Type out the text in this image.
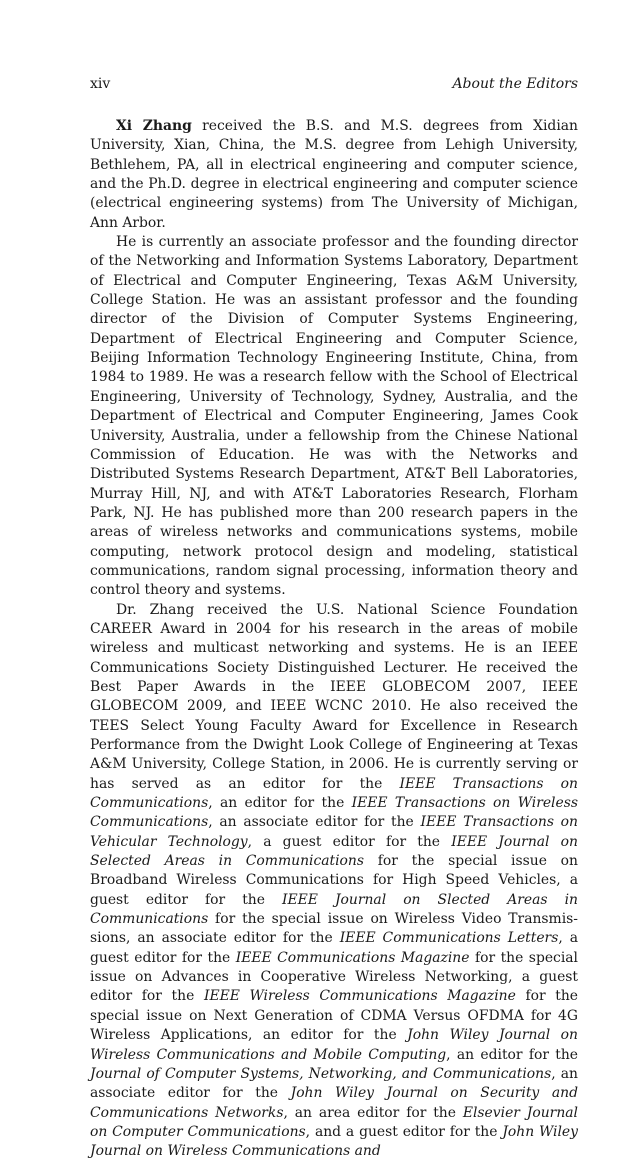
xiv	About the Editors

Xi Zhang received the B.S. and M.S. degrees from Xidian University, Xian, China, the M.S. degree from Lehigh University, Bethlehem, PA, all in electrical engineering and computer science, and the Ph.D. degree in electrical engineering and computer science (electrical engineering systems) from The University of Michigan, Ann Arbor.

He is currently an associate professor and the founding director of the Networking and Information Systems Laboratory, Department of Electrical and Computer Engineering, Texas A&M University, College Station. He was an assistant professor and the founding director of the Division of Computer Systems Engineering, Department of Electrical Engineering and Computer Science, Beijing Information Technology Engineering Institute, China, from 1984 to 1989. He was a research fellow with the School of Electrical Engineering, University of Technology, Sydney, Australia, and the Department of Electrical and Computer Engineering, James Cook University, Australia, under a fellowship from the Chinese National Commission of Education. He was with the Networks and Distributed Systems Research Department, AT&T Bell Laboratories, Murray Hill, NJ, and with AT&T Laboratories Research, Florham Park, NJ. He has published more than 200 research papers in the areas of wireless networks and communications systems, mobile computing, network protocol design and modeling, statistical communications, random signal processing, information theory and control theory and systems.

Dr. Zhang received the U.S. National Science Foundation CAREER Award in 2004 for his research in the areas of mobile wireless and multicast networking and systems. He is an IEEE Communications Society Distinguished Lecturer. He received the Best Paper Awards in the IEEE GLOBECOM 2007, IEEE GLOBECOM 2009, and IEEE WCNC 2010. He also received the TEES Select Young Faculty Award for Excellence in Research Performance from the Dwight Look College of Engineering at Texas A&M University, College Station, in 2006. He is currently serving or has served as an editor for the IEEE Transactions on Communications, an editor for the IEEE Transactions on Wireless Communications, an associate editor for the IEEE Transactions on Vehicular Technology, a guest editor for the IEEE Journal on Selected Areas in Communications for the special issue on Broadband Wireless Communications for High Speed Vehicles, a guest editor for the IEEE Journal on Slected Areas in Communications for the special issue on Wireless Video Transmissions, an associate editor for the IEEE Communications Letters, a guest editor for the IEEE Communications Magazine for the special issue on Advances in Cooperative Wireless Networking, a guest editor for the IEEE Wireless Communications Magazine for the special issue on Next Generation of CDMA Versus OFDMA for 4G Wireless Applications, an editor for the John Wiley Journal on Wireless Communications and Mobile Computing, an editor for the Journal of Computer Systems, Networking, and Communications, an associate editor for the John Wiley Journal on Security and Communications Networks, an area editor for the Elsevier Journal on Computer Communications, and a guest editor for the John Wiley Journal on Wireless Communications and
